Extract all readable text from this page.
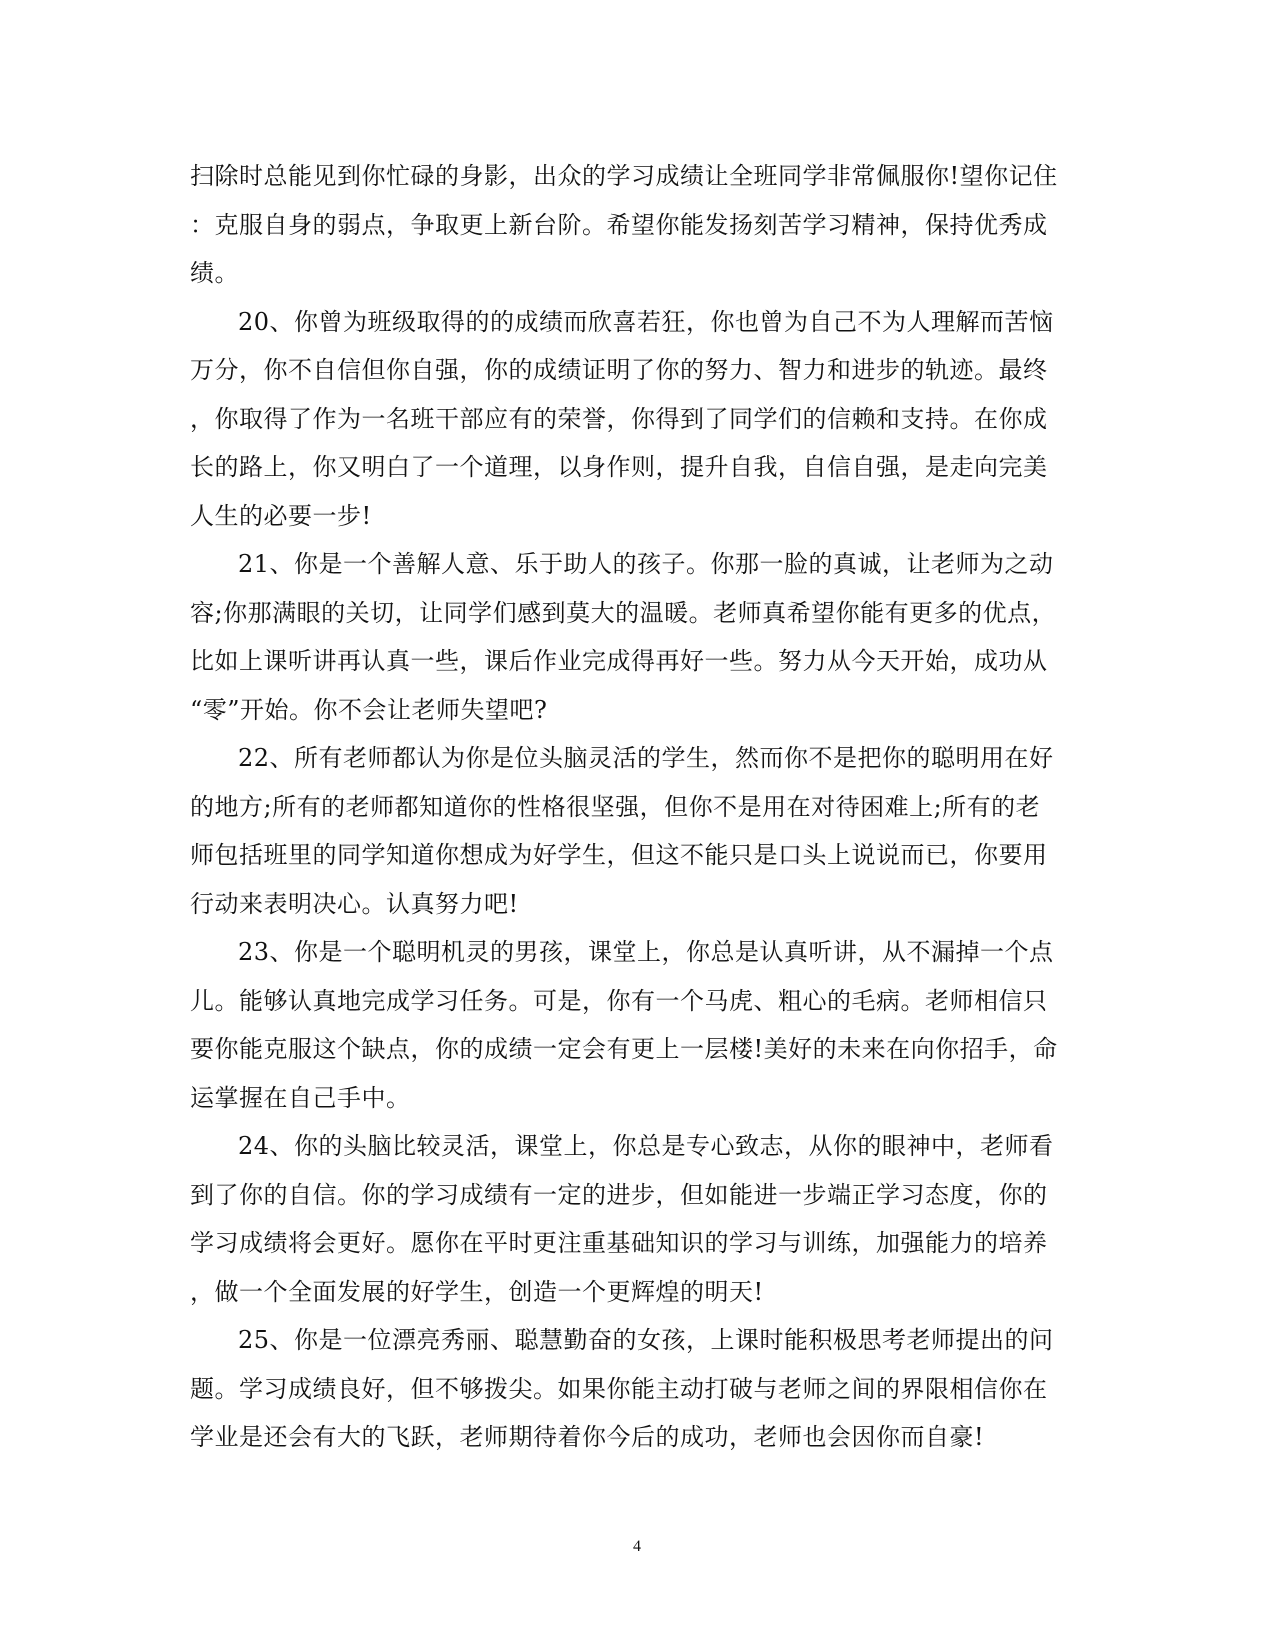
扫除时总能见到你忙碌的身影，出众的学习成绩让全班同学非常佩服你!望你记住
：克服自身的弱点，争取更上新台阶。希望你能发扬刻苦学习精神，保持优秀成
绩。
20、你曾为班级取得的的成绩而欣喜若狂，你也曾为自己不为人理解而苦恼
万分，你不自信但你自强，你的成绩证明了你的努力、智力和进步的轨迹。最终
，你取得了作为一名班干部应有的荣誉，你得到了同学们的信赖和支持。在你成
长的路上，你又明白了一个道理，以身作则，提升自我，自信自强，是走向完美
人生的必要一步!
21、你是一个善解人意、乐于助人的孩子。你那一脸的真诚，让老师为之动
容;你那满眼的关切，让同学们感到莫大的温暖。老师真希望你能有更多的优点，
比如上课听讲再认真一些，课后作业完成得再好一些。努力从今天开始，成功从
“零”开始。你不会让老师失望吧?
22、所有老师都认为你是位头脑灵活的学生，然而你不是把你的聪明用在好
的地方;所有的老师都知道你的性格很坚强，但你不是用在对待困难上;所有的老
师包括班里的同学知道你想成为好学生，但这不能只是口头上说说而已，你要用
行动来表明决心。认真努力吧!
23、你是一个聪明机灵的男孩，课堂上，你总是认真听讲，从不漏掉一个点
儿。能够认真地完成学习任务。可是，你有一个马虎、粗心的毛病。老师相信只
要你能克服这个缺点，你的成绩一定会有更上一层楼!美好的未来在向你招手，命
运掌握在自己手中。
24、你的头脑比较灵活，课堂上，你总是专心致志，从你的眼神中，老师看
到了你的自信。你的学习成绩有一定的进步，但如能进一步端正学习态度，你的
学习成绩将会更好。愿你在平时更注重基础知识的学习与训练，加强能力的培养
，做一个全面发展的好学生，创造一个更辉煌的明天!
25、你是一位漂亮秀丽、聪慧勤奋的女孩，上课时能积极思考老师提出的问
题。学习成绩良好，但不够拨尖。如果你能主动打破与老师之间的界限相信你在
学业是还会有大的飞跃，老师期待着你今后的成功，老师也会因你而自豪!
4
